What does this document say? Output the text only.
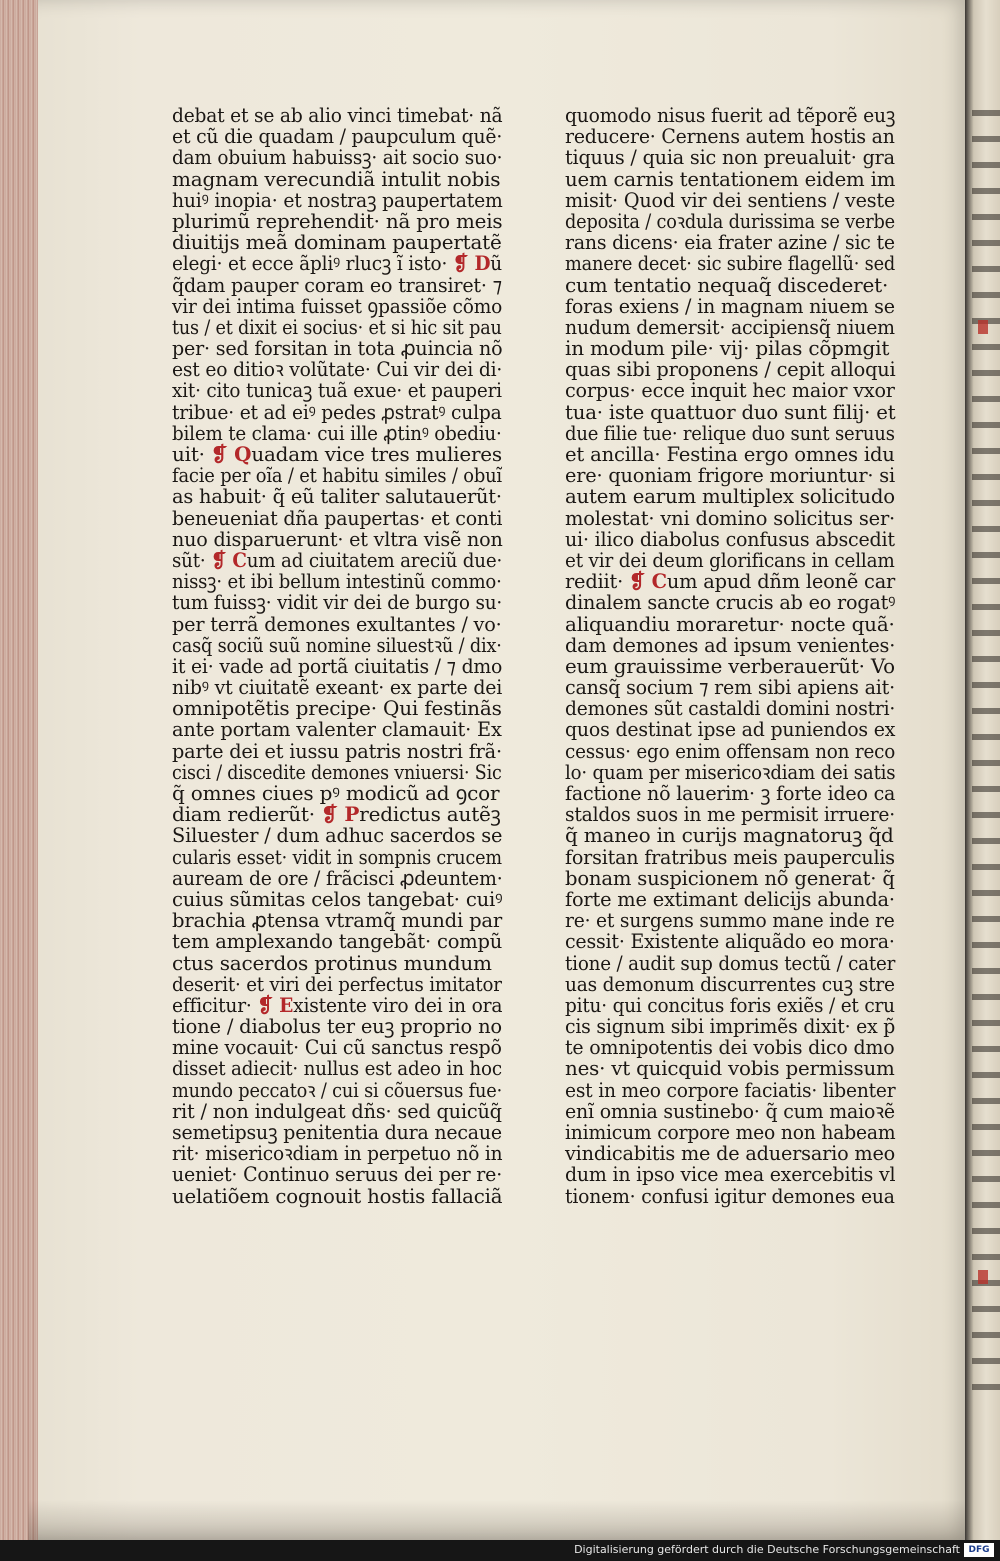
debat et se ab alio vinci timebat· nã
et cũ die quadam / paupculum quẽ·
dam obuium habuissꝫ· ait socio suo·
magnam verecundiã intulit nobis
huiꝰ inopia· et nostraꝫ paupertatem
plurimũ reprehendit· nã pro meis
diuitijs meã dominam paupertatẽ
elegi· et ecce ãpliꝰ rlucꝫ ĩ isto· ❡ Dũ
q̃dam pauper coram eo transiret· ⁊
vir dei intima fuisset ꝯpassiõe cõmo
tus / et dixit ei socius· et si hic sit pau
per· sed forsitan in tota ꝓuincia nõ
est eo ditioꝛ volũtate· Cui vir dei di·
xit· cito tunicaꝫ tuã exue· et pauperi
tribue· et ad eiꝰ pedes ꝓstratꝰ culpa
bilem te clama· cui ille ꝓtinꝰ obediu·
uit· ❡ Quadam vice tres mulieres
facie per oĩa / et habitu similes / obuĩ
as habuit· q̃ eũ taliter salutauerũt·
beneueniat dña paupertas· et conti
nuo disparuerunt· et vltra visẽ non
sũt· ❡ Cum ad ciuitatem areciũ due·
nissꝫ· et ibi bellum intestinũ commo·
tum fuissꝫ· vidit vir dei de burgo su·
per terrã demones exultantes / vo·
casq̃ sociũ suũ nomine siluestꝛũ / dix·
it ei· vade ad portã ciuitatis / ⁊ dmo
nibꝰ vt ciuitatẽ exeant· ex parte dei
omnipotẽtis precipe· Qui festinãs
ante portam valenter clamauit· Ex
parte dei et iussu patris nostri frã·
cisci / discedite demones vniuersi· Sic
q̃ omnes ciues pꝰ modicũ ad ꝯcor
diam redierũt· ❡ Predictus autẽꝫ
Siluester / dum adhuc sacerdos se
cularis esset· vidit in sompnis crucem
auream de ore / frãcisci ꝓdeuntem·
cuius sũmitas celos tangebat· cuiꝰ
brachia ꝓtensa vtramq̃ mundi par
tem amplexando tangebãt· compũ
ctus sacerdos protinus mundum
deserit· et viri dei perfectus imitator
efficitur· ❡ Existente viro dei in ora
tione / diabolus ter euꝫ proprio no
mine vocauit· Cui cũ sanctus respõ
disset adiecit· nullus est adeo in hoc
mundo peccatoꝛ / cui si cõuersus fue·
rit / non indulgeat dñs· sed quicũq̃
semetipsuꝫ penitentia dura necaue
rit· misericoꝛdiam in perpetuo nõ in
ueniet· Continuo seruus dei per re·
uelatiõem cognouit hostis fallaciã
quomodo nisus fuerit ad tẽporẽ euꝫ
reducere· Cernens autem hostis an
tiquus / quia sic non preualuit· gra
uem carnis tentationem eidem im
misit· Quod vir dei sentiens / veste
deposita / coꝛdula durissima se verbe
rans dicens· eia frater azine / sic te
manere decet· sic subire flagellũ· sed
cum tentatio nequaq̃ discederet·
foras exiens / in magnam niuem se
nudum demersit· accipiensq̃ niuem
in modum pile· vij· pilas cõpmgit
quas sibi proponens / cepit alloqui
corpus· ecce inquit hec maior vxor
tua· iste quattuor duo sunt filij· et
due filie tue· relique duo sunt seruus
et ancilla· Festina ergo omnes idu
ere· quoniam frigore moriuntur· si
autem earum multiplex solicitudo
molestat· vni domino solicitus ser·
ui· ilico diabolus confusus abscedit
et vir dei deum glorificans in cellam
rediit· ❡ Cum apud dñm leonẽ car
dinalem sancte crucis ab eo rogatꝰ
aliquandiu moraretur· nocte quã·
dam demones ad ipsum venientes·
eum grauissime verberauerũt· Vo
cansq̃ socium ⁊ rem sibi apiens ait·
demones sũt castaldi domini nostri·
quos destinat ipse ad puniendos ex
cessus· ego enim offensam non reco
lo· quam per misericoꝛdiam dei satis
factione nõ lauerim· ꝫ forte ideo ca
staldos suos in me permisit irruere·
q̃ maneo in curijs magnatoruꝫ q̃d
forsitan fratribus meis pauperculis
bonam suspicionem nõ generat· q̃
forte me extimant delicijs abunda·
re· et surgens summo mane inde re
cessit· Existente aliquãdo eo mora·
tione / audit sup domus tectũ / cater
uas demonum discurrentes cuꝫ stre
pitu· qui concitus foris exiẽs / et cru
cis signum sibi imprimẽs dixit· ex p̃
te omnipotentis dei vobis dico dmo
nes· vt quicquid vobis permissum
est in meo corpore faciatis· libenter
enĩ omnia sustinebo· q̃ cum maioꝛẽ
inimicum corpore meo non habeam
vindicabitis me de aduersario meo
dum in ipso vice mea exercebitis vl
tionem· confusi igitur demones eua
Digitalisierung gefördert durch die Deutsche Forschungsgemeinschaft DFG
